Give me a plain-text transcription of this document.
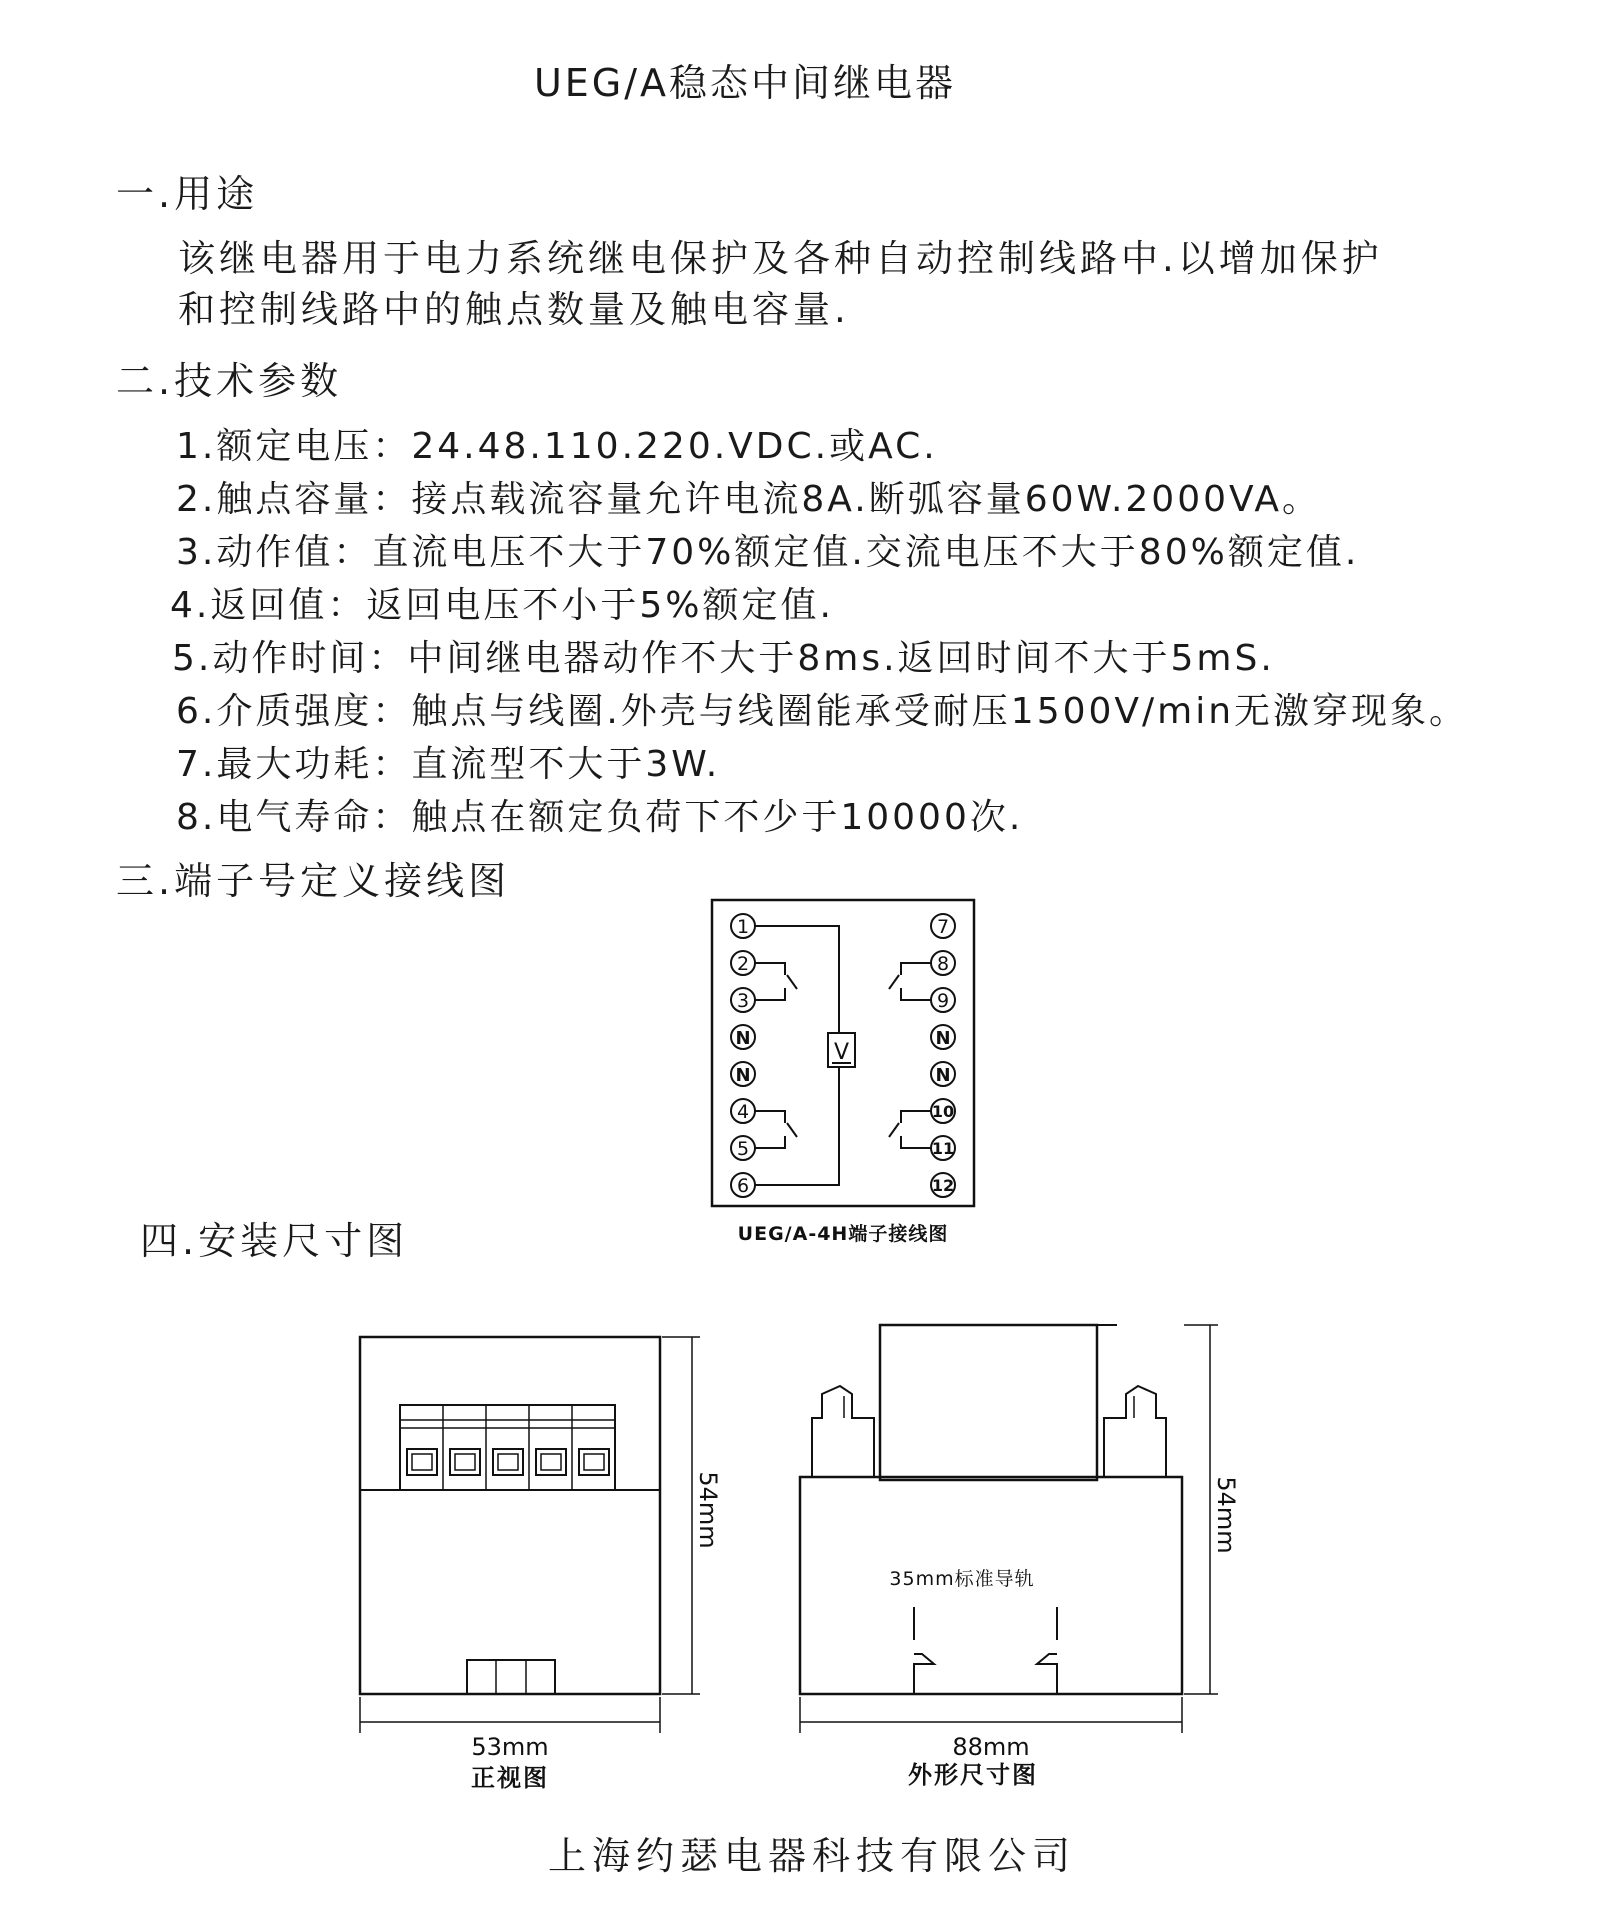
UEG/A稳态中间继电器
一.用途
该继电器用于电力系统继电保护及各种自动控制线路中.以增加保护
和控制线路中的触点数量及触电容量.
二.技术参数
1.额定电压：24.48.110.220.VDC.或AC.
2.触点容量：接点载流容量允许电流8A.断弧容量60W.2000VA。
3.动作值：直流电压不大于70%额定值.交流电压不大于80%额定值.
4.返回值：返回电压不小于5%额定值.
5.动作时间：中间继电器动作不大于8ms.返回时间不大于5mS.
6.介质强度：触点与线圈.外壳与线圈能承受耐压1500V/min无激穿现象。
7.最大功耗：直流型不大于3W.
8.电气寿命：触点在额定负荷下不少于10000次.
三.端子号定义接线图
V
1
2
3
N
N
4
5
6
7
8
9
N
N
10
11
12
UEG/A-4H端子接线图
四.安装尺寸图
54mm
53mm
正视图
35mm标准导轨
54mm
88mm
外形尺寸图
上海约瑟电器科技有限公司
